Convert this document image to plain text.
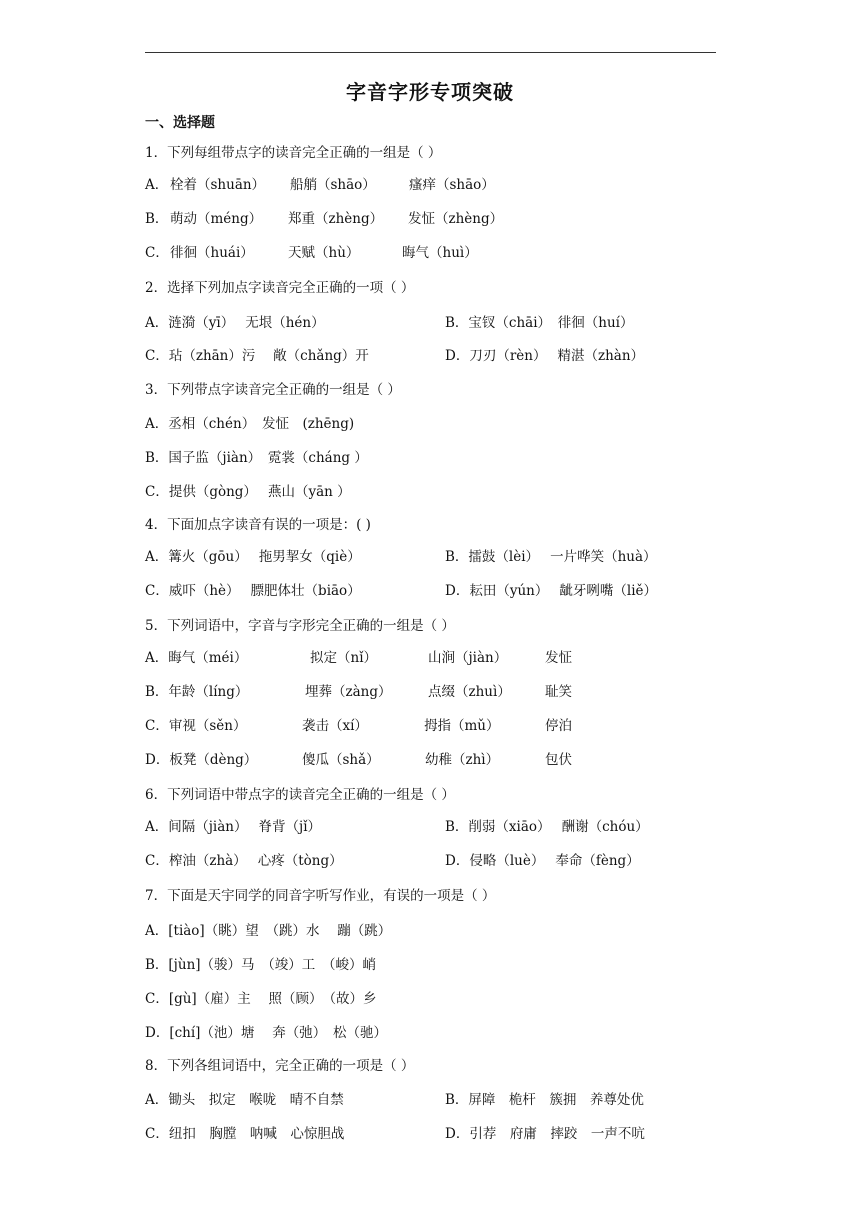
字音字形专项突破
一、选择题
1．下列每组带点字的读音完全正确的一组是（ ）
A． 栓着（shuān） 船艄（shāo） 瘙痒（shāo）
B． 萌动（méng） 郑重（zhèng） 发怔（zhèng）
C． 徘徊（huái）	天赋（hù）	晦气（huì）
2．选择下列加点字读音完全正确的一项（ ）
A．涟漪（yī）　 无垠（hén）	B．宝钗（chāi）　徘徊（huí）
C．玷（zhān）污　 敞（chǎng）开	D．刀刃（rèn）　 精湛（zhàn）
3．下列带点字读音完全正确的一组是（ ）
A．丞相（chén）　发怔　(zhēng)
B．国子监（jiàn）　霓裳（cháng ）
C．提供（gòng）　 燕山（yān ）
4．下面加点字读音有误的一项是：( )
A．篝火（gōu）　 拖男挈女（qiè）	B．擂鼓（lèi）　 一片哗笑（huà）
C．威吓（hè）　 膘肥体壮（biāo）	D．耘田（yún）　 龇牙咧嘴（liě）
5．下列词语中，字音与字形完全正确的一组是（ ）
A．晦气（méi）	拟定（nǐ）	山涧（jiàn）	发怔
B．年龄（líng）	埋葬（zàng）	点缀（zhuì）	耻笑
C．审视（sěn）	袭击（xí）	拇指（mǔ）	停泊
D．板凳（dèng）	傻瓜（shǎ）	幼稚（zhì）	包伏
6．下列词语中带点字的读音完全正确的一组是（ ）
A．间隔（jiàn）　 脊背（jǐ）	B．削弱（xiāo）　 酬谢（chóu）
C．榨油（zhà）　 心疼（tòng）	D．侵略（luè）　 奉命（fèng）
7．下面是天宇同学的同音字听写作业，有误的一项是（ ）
A．[tiào]（眺）望　（跳）水　 蹦（跳）
B．[jùn]（骏）马　（竣）工　（峻）峭
C．[gù]（雇）主　 照（顾）　（故）乡
D．[chí]（池）塘　 奔（弛）　松（驰）
8．下列各组词语中，完全正确的一项是（ ）
A．锄头　拟定　喉咙　晴不自禁	B．屏障　桅杆　簇拥　养尊处优
C．纽扣　胸膛　呐喊　心惊胆战	D．引荐　府庸　摔跤　一声不吭
